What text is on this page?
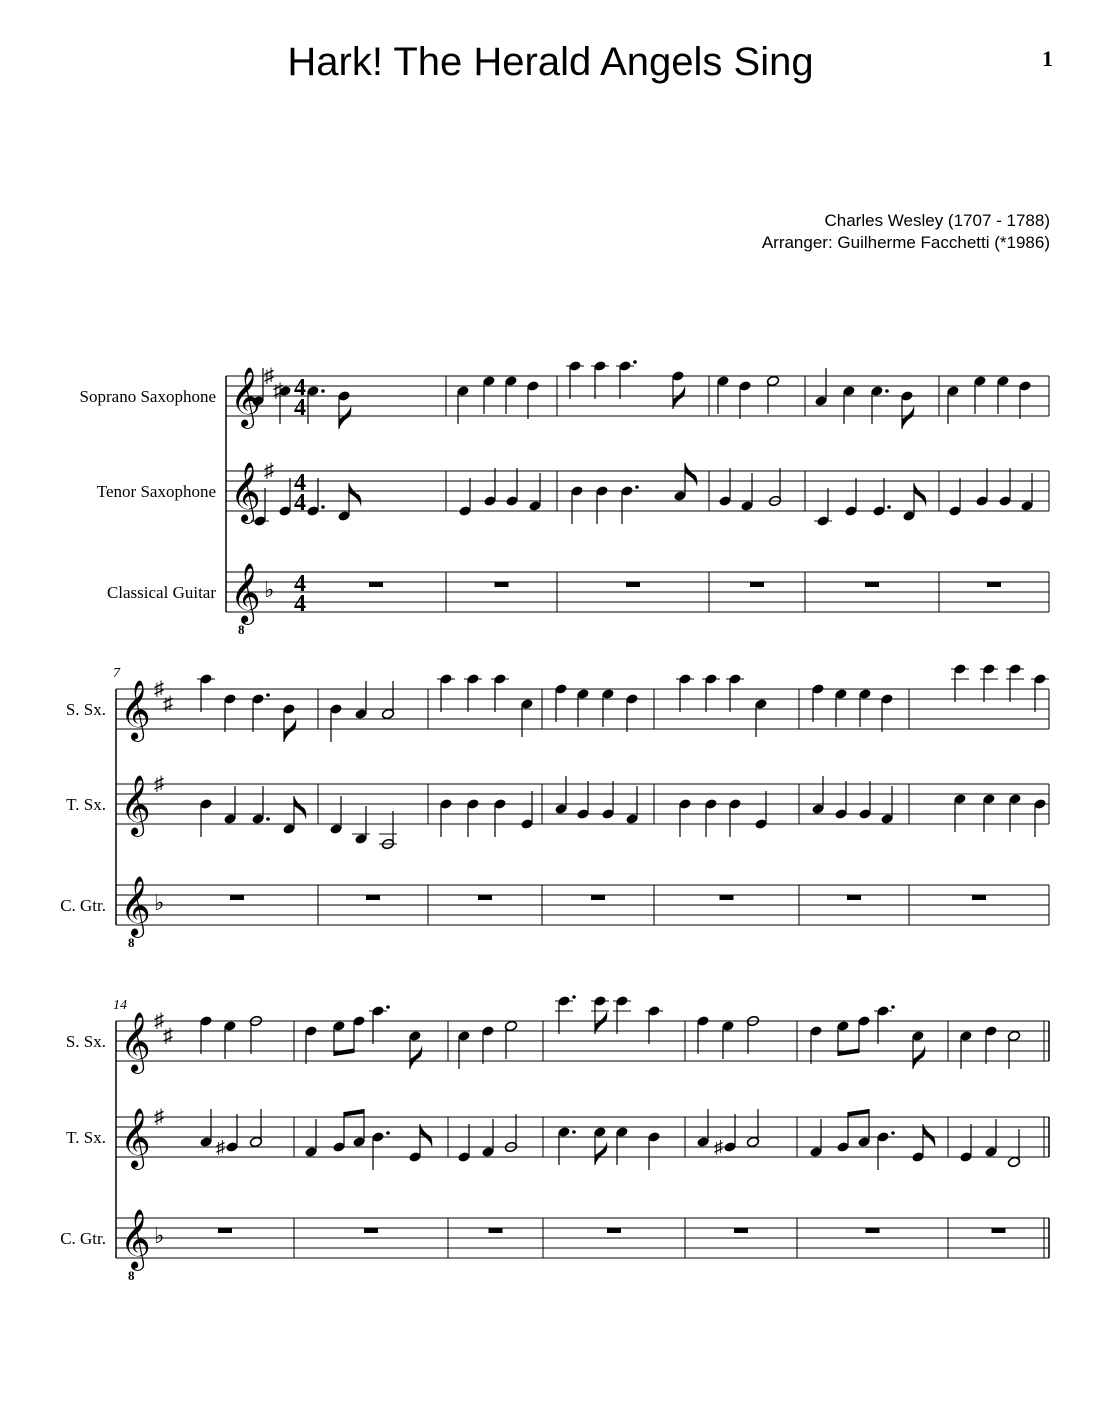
Hark! The Herald Angels Sing	1
Charles Wesley (1707 - 1788)
Arranger: Guilherme Facchetti (*1986)
Soprano Saxophone
Tenor Saxophone
Classical Guitar
4
4
4
4
4
4
𝄞 ♯
♯
𝄞 ♯
𝄞
8
♭
S. Sx.
T. Sx.
C. Gtr.
7
𝄞 ♯
♯
𝄞 ♯
𝄞
8
♭
S. Sx.
T. Sx.
C. Gtr.
14
♯	♯
𝄞 ♯
♯
𝄞 ♯
𝄞
8
♭
